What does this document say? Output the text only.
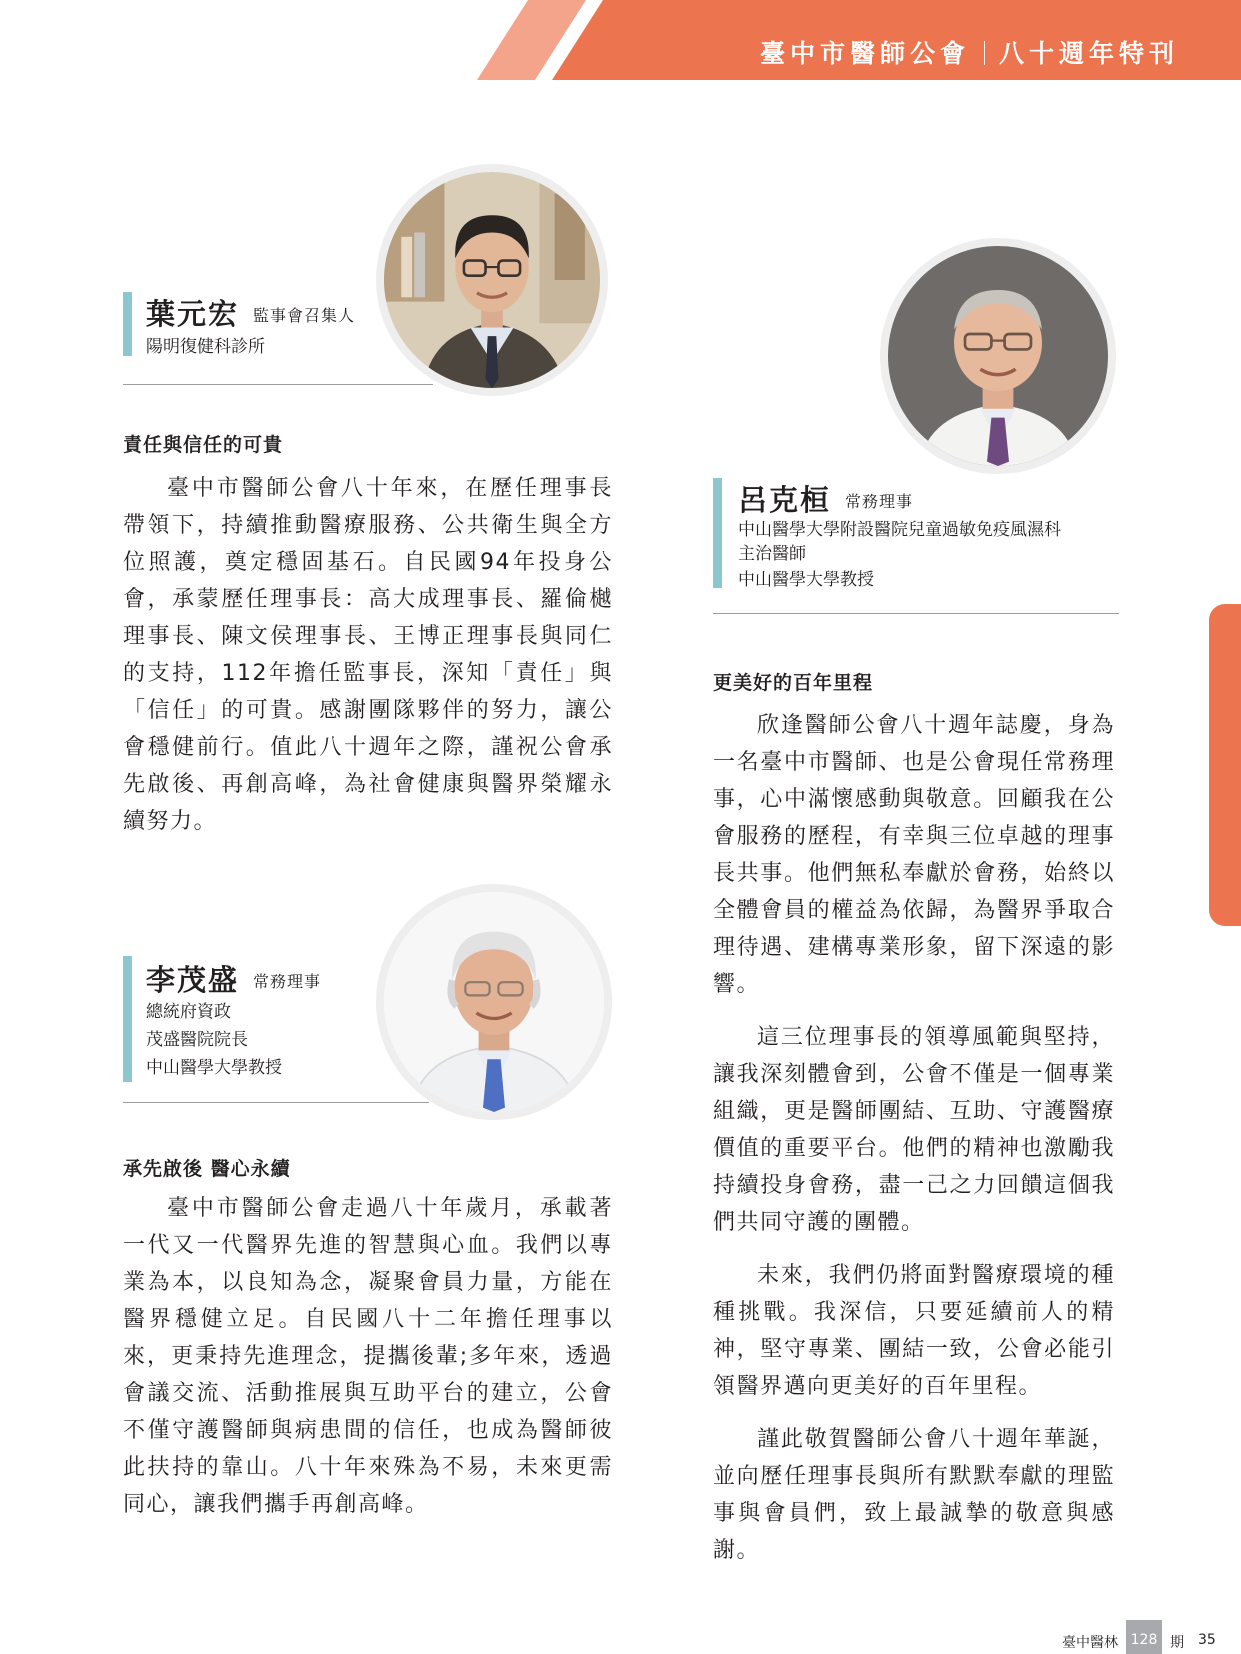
臺中市醫師公會 八十週年特刊
葉元宏 監事會召集人
陽明復健科診所
責任與信任的可貴
臺中市醫師公會八十年來，在歷任理事長帶領下，持續推動醫療服務、公共衛生與全方位照護，奠定穩固基石。自民國94年投身公會，承蒙歷任理事長：高大成理事長、羅倫樾理事長、陳文侯理事長、王博正理事長與同仁的支持，112年擔任監事長，深知「責任」與「信任」的可貴。感謝團隊夥伴的努力，讓公會穩健前行。值此八十週年之際，謹祝公會承先啟後、再創高峰，為社會健康與醫界榮耀永續努力。
呂克桓 常務理事
中山醫學大學附設醫院兒童過敏免疫風濕科
主治醫師
中山醫學大學教授
更美好的百年里程
欣逢醫師公會八十週年誌慶，身為一名臺中市醫師、也是公會現任常務理事，心中滿懷感動與敬意。回顧我在公會服務的歷程，有幸與三位卓越的理事長共事。他們無私奉獻於會務，始終以全體會員的權益為依歸，為醫界爭取合理待遇、建構專業形象，留下深遠的影響。
這三位理事長的領導風範與堅持，讓我深刻體會到，公會不僅是一個專業組織，更是醫師團結、互助、守護醫療價值的重要平台。他們的精神也激勵我持續投身會務，盡一己之力回饋這個我們共同守護的團體。
未來，我們仍將面對醫療環境的種種挑戰。我深信，只要延續前人的精神，堅守專業、團結一致，公會必能引領醫界邁向更美好的百年里程。
謹此敬賀醫師公會八十週年華誕，並向歷任理事長與所有默默奉獻的理監事與會員們，致上最誠摯的敬意與感謝。
李茂盛 常務理事
總統府資政
茂盛醫院院長
中山醫學大學教授
承先啟後 醫心永續
臺中市醫師公會走過八十年歲月，承載著一代又一代醫界先進的智慧與心血。我們以專業為本，以良知為念，凝聚會員力量，方能在醫界穩健立足。自民國八十二年擔任理事以來，更秉持先進理念，提攜後輩;多年來，透過會議交流、活動推展與互助平台的建立，公會不僅守護醫師與病患間的信任，也成為醫師彼此扶持的靠山。八十年來殊為不易，未來更需同心，讓我們攜手再創高峰。
臺中醫林 128 期 35
